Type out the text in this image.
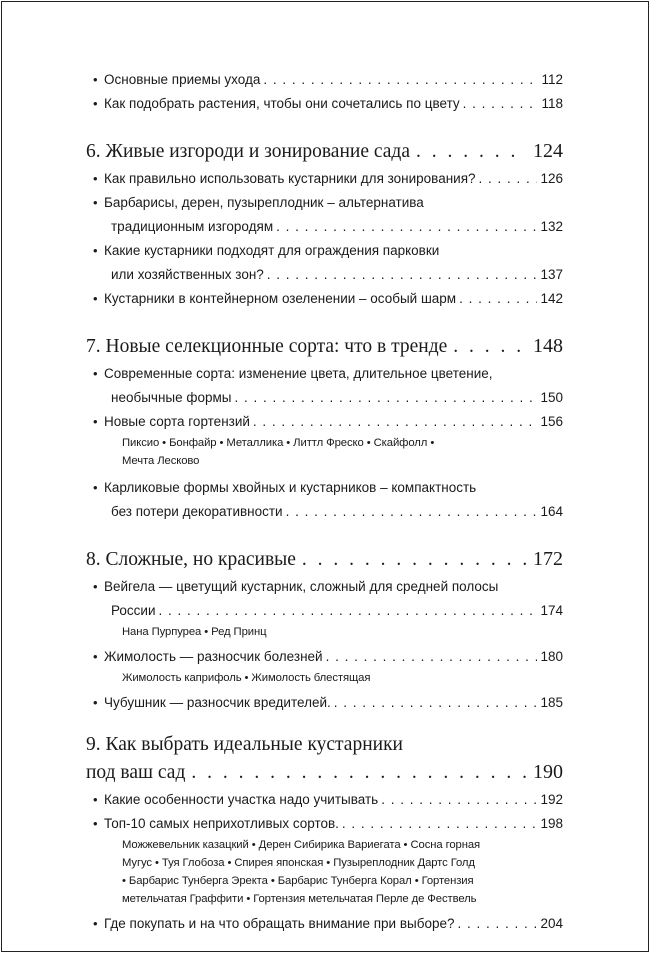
• Основные приемы ухода . . .	112
• Как подобрать растения, чтобы они сочетались по цвету . . .	118
6. Живые изгороди и зонирование сада . . .	124
• Как правильно использовать кустарники для зонирования? . . .	126
• Барбарисы, дерен, пузыреплодник – альтернатива
традиционным изгородям . . .	132
• Какие кустарники подходят для ограждения парковки
или хозяйственных зон? . . .	137
• Кустарники в контейнерном озеленении – особый шарм . . .	142
7. Новые селекционные сорта: что в тренде . . .	148
• Современные сорта: изменение цвета, длительное цветение,
необычные формы . . .	150
• Новые сорта гортензий . . .	156
Пиксио • Бонфайр • Металлика • Литтл Фреско • Скайфолл •
Мечта Лесково
• Карликовые формы хвойных и кустарников – компактность
без потери декоративности . . .	164
8. Сложные, но красивые . . .	172
• Вейгела — цветущий кустарник, сложный для средней полосы
России . . .	174
Нана Пурпуреа • Ред Принц
• Жимолость — разносчик болезней . . .	180
Жимолость каприфоль • Жимолость блестящая
• Чубушник — разносчик вредителей. . . .	185
9. Как выбрать идеальные кустарники
под ваш сад . . .	190
• Какие особенности участка надо учитывать . . .	192
• Топ-10 самых неприхотливых сортов. . . .	198
Можжевельник казацкий • Дерен Сибирика Вариегата • Сосна горная
Мугус • Туя Глобоза • Спирея японская • Пузыреплодник Дартс Голд
• Барбарис Тунберга Эректа • Барбарис Тунберга Корал • Гортензия
метельчатая Граффити • Гортензия метельчатая Перле де Фествель
• Где покупать и на что обращать внимание при выборе? . . .	204
